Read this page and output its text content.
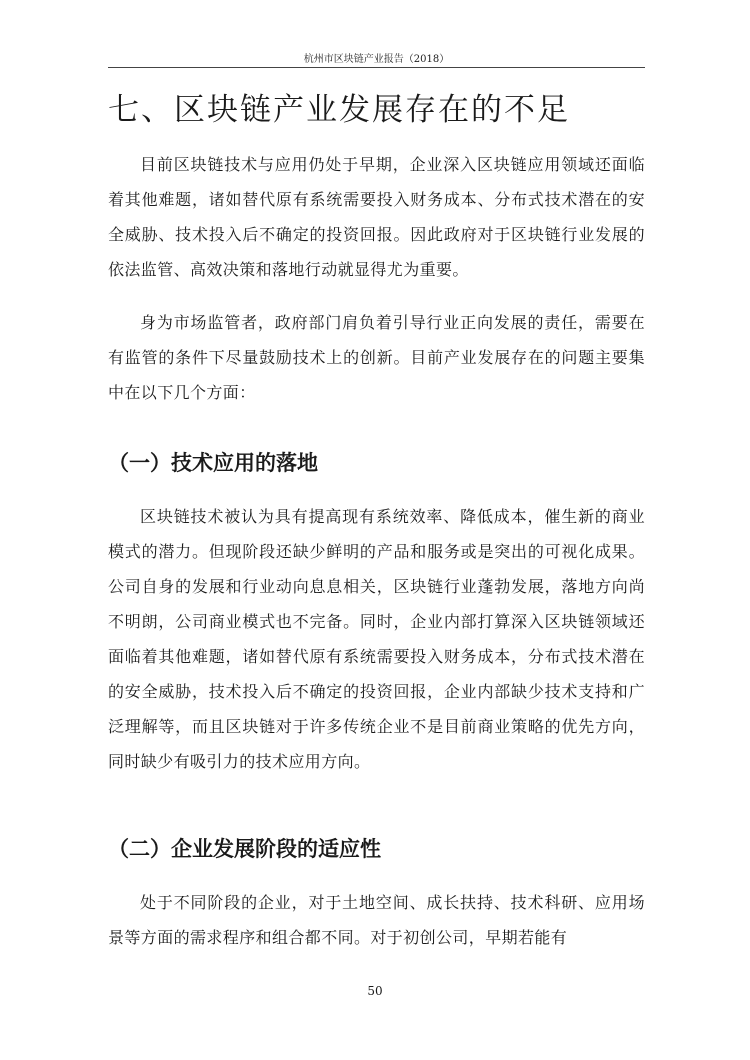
杭州市区块链产业报告（2018）
七、区块链产业发展存在的不足

目前区块链技术与应用仍处于早期，企业深入区块链应用领域还面临着其他难题，诸如替代原有系统需要投入财务成本、分布式技术潜在的安全威胁、技术投入后不确定的投资回报。因此政府对于区块链行业发展的依法监管、高效决策和落地行动就显得尤为重要。

身为市场监管者，政府部门肩负着引导行业正向发展的责任，需要在有监管的条件下尽量鼓励技术上的创新。目前产业发展存在的问题主要集中在以下几个方面：

（一）技术应用的落地

区块链技术被认为具有提高现有系统效率、降低成本，催生新的商业模式的潜力。但现阶段还缺少鲜明的产品和服务或是突出的可视化成果。公司自身的发展和行业动向息息相关，区块链行业蓬勃发展，落地方向尚不明朗，公司商业模式也不完备。同时，企业内部打算深入区块链领域还面临着其他难题，诸如替代原有系统需要投入财务成本，分布式技术潜在的安全威胁，技术投入后不确定的投资回报，企业内部缺少技术支持和广泛理解等，而且区块链对于许多传统企业不是目前商业策略的优先方向，同时缺少有吸引力的技术应用方向。

（二）企业发展阶段的适应性

处于不同阶段的企业，对于土地空间、成长扶持、技术科研、应用场景等方面的需求程序和组合都不同。对于初创公司，早期若能有

50
